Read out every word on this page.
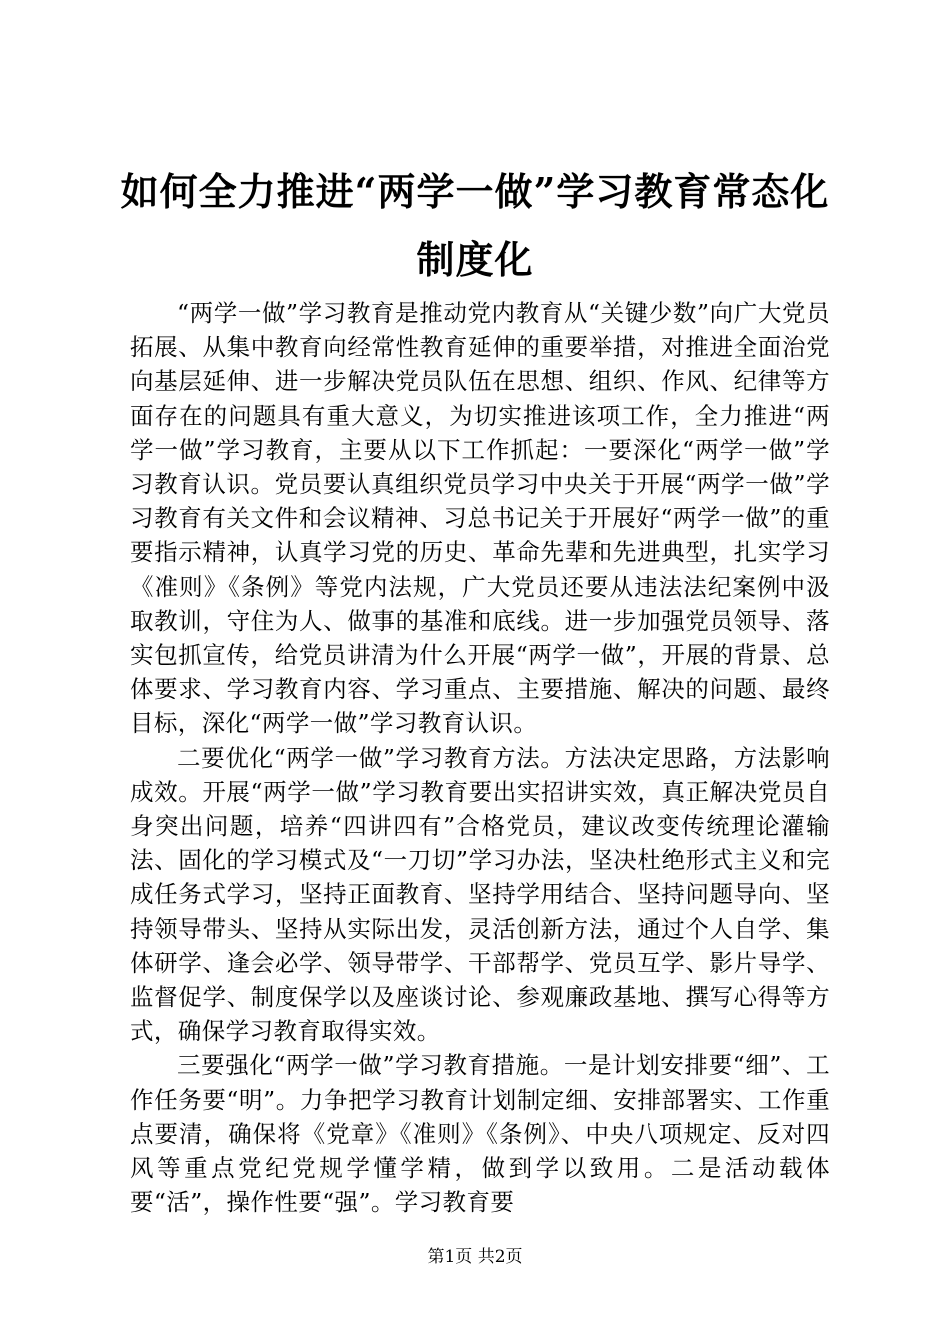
如何全力推进“两学一做”学习教育常态化制度化

“两学一做”学习教育是推动党内教育从“关键少数”向广大党员拓展、从集中教育向经常性教育延伸的重要举措，对推进全面治党向基层延伸、进一步解决党员队伍在思想、组织、作风、纪律等方面存在的问题具有重大意义，为切实推进该项工作，全力推进“两学一做”学习教育，主要从以下工作抓起：一要深化“两学一做”学习教育认识。党员要认真组织党员学习中央关于开展“两学一做”学习教育有关文件和会议精神、习总书记关于开展好“两学一做”的重要指示精神，认真学习党的历史、革命先辈和先进典型，扎实学习《准则》《条例》等党内法规，广大党员还要从违法法纪案例中汲取教训，守住为人、做事的基准和底线。进一步加强党员领导、落实包抓宣传，给党员讲清为什么开展“两学一做”，开展的背景、总体要求、学习教育内容、学习重点、主要措施、解决的问题、最终目标，深化“两学一做”学习教育认识。

二要优化“两学一做”学习教育方法。方法决定思路，方法影响成效。开展“两学一做”学习教育要出实招讲实效，真正解决党员自身突出问题，培养“四讲四有”合格党员，建议改变传统理论灌输法、固化的学习模式及“一刀切”学习办法，坚决杜绝形式主义和完成任务式学习，坚持正面教育、坚持学用结合、坚持问题导向、坚持领导带头、坚持从实际出发，灵活创新方法，通过个人自学、集体研学、逢会必学、领导带学、干部帮学、党员互学、影片导学、监督促学、制度保学以及座谈讨论、参观廉政基地、撰写心得等方式，确保学习教育取得实效。

三要强化“两学一做”学习教育措施。一是计划安排要“细”、工作任务要“明”。力争把学习教育计划制定细、安排部署实、工作重点要清，确保将《党章》《准则》《条例》、中央八项规定、反对四风等重点党纪党规学懂学精，做到学以致用。二是活动载体要“活”，操作性要“强”。学习教育要

第1页 共2页
